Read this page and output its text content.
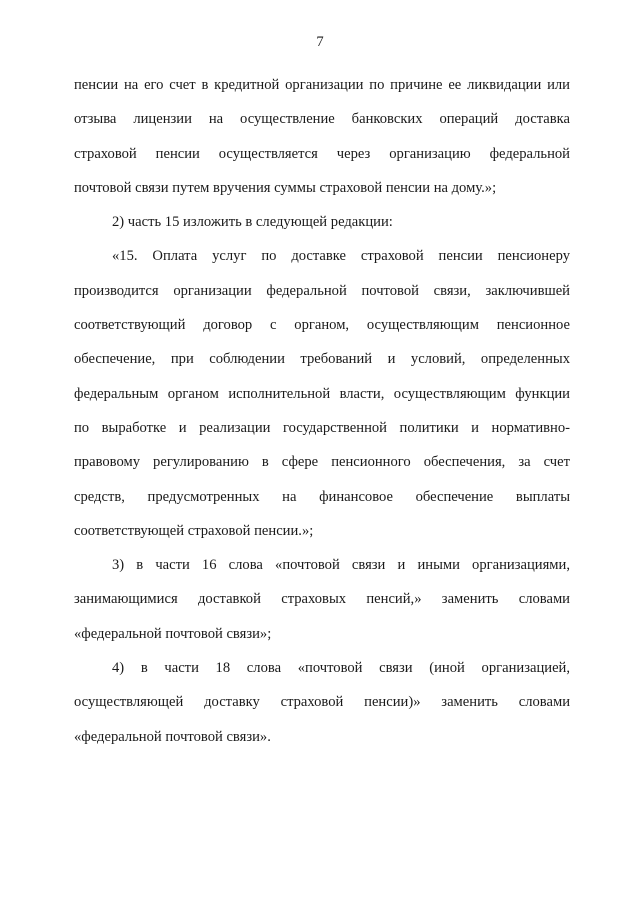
7
пенсии на его счет в кредитной организации по причине ее ликвидации или
отзыва лицензии на осуществление банковских операций доставка
страховой пенсии осуществляется через организацию федеральной
почтовой связи путем вручения суммы страховой пенсии на дому.»;
2) часть 15 изложить в следующей редакции:
«15. Оплата услуг по доставке страховой пенсии пенсионеру
производится организации федеральной почтовой связи, заключившей
соответствующий договор с органом, осуществляющим пенсионное
обеспечение, при соблюдении требований и условий, определенных
федеральным органом исполнительной власти, осуществляющим функции
по выработке и реализации государственной политики и нормативно-
правовому регулированию в сфере пенсионного обеспечения, за счет
средств, предусмотренных на финансовое обеспечение выплаты
соответствующей страховой пенсии.»;
3) в части 16 слова «почтовой связи и иными организациями,
занимающимися доставкой страховых пенсий,» заменить словами
«федеральной почтовой связи»;
4) в части 18 слова «почтовой связи (иной организацией,
осуществляющей доставку страховой пенсии)» заменить словами
«федеральной почтовой связи».
